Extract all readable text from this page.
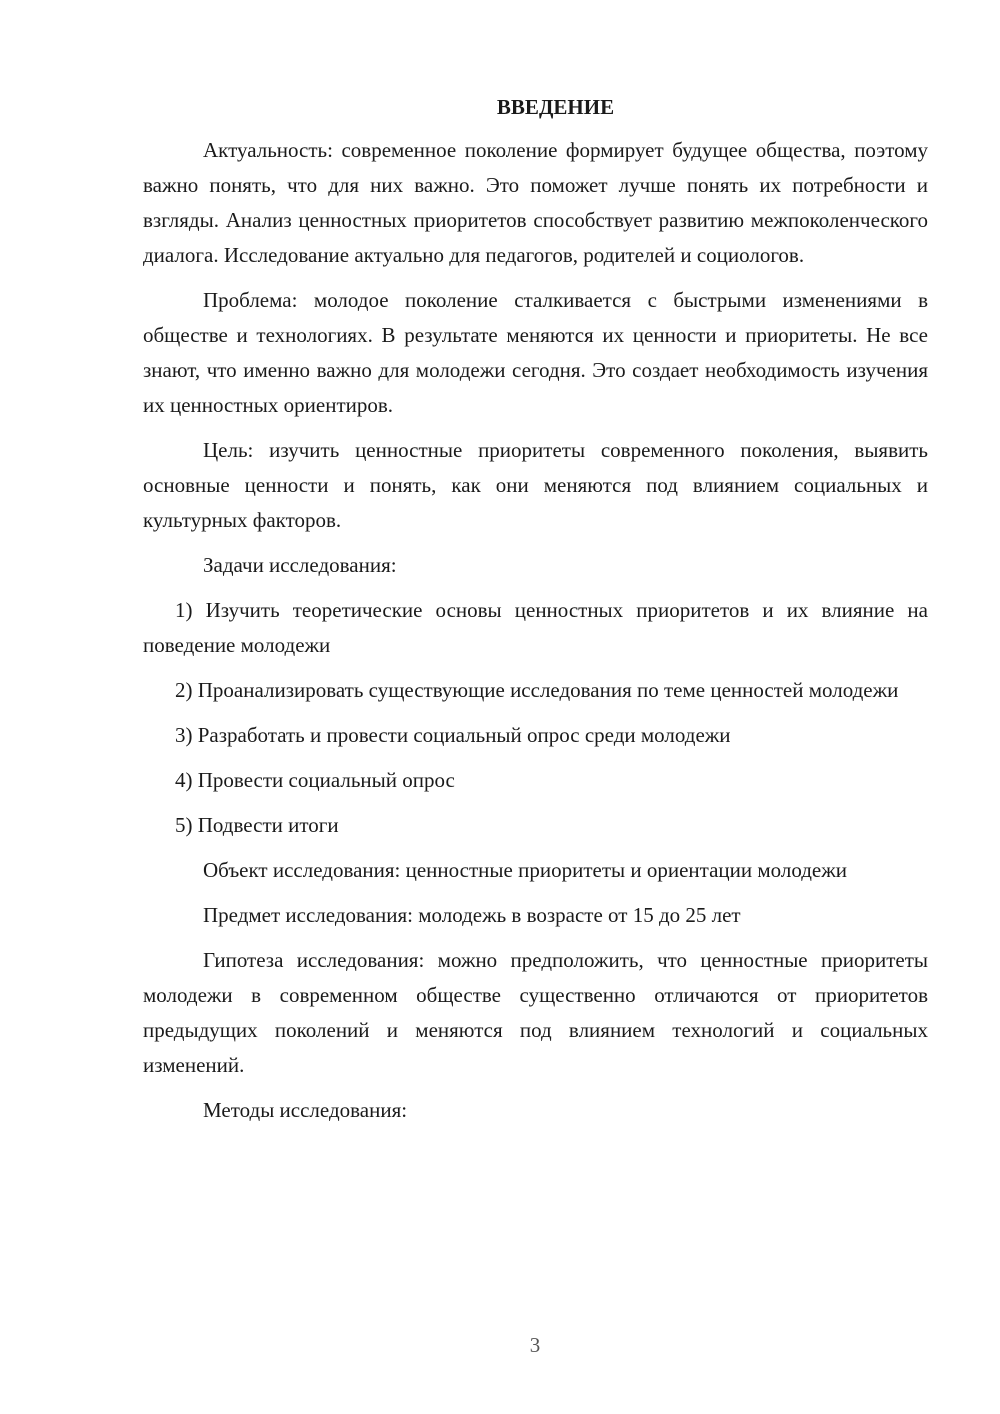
ВВЕДЕНИЕ

Актуальность: современное поколение формирует будущее общества, поэтому важно понять, что для них важно. Это поможет лучше понять их потребности и взгляды. Анализ ценностных приоритетов способствует развитию межпоколенческого диалога. Исследование актуально для педагогов, родителей и социологов.

Проблема: молодое поколение сталкивается с быстрыми изменениями в обществе и технологиях. В результате меняются их ценности и приоритеты. Не все знают, что именно важно для молодежи сегодня. Это создает необходимость изучения их ценностных ориентиров.

Цель: изучить ценностные приоритеты современного поколения, выявить основные ценности и понять, как они меняются под влиянием социальных и культурных факторов.

Задачи исследования:

1) Изучить теоретические основы ценностных приоритетов и их влияние на поведение молодежи

2) Проанализировать существующие исследования по теме ценностей молодежи

3) Разработать и провести социальный опрос среди молодежи

4) Провести социальный опрос

5) Подвести итоги

Объект исследования: ценностные приоритеты и ориентации молодежи

Предмет исследования: молодежь в возрасте от 15 до 25 лет

Гипотеза исследования: можно предположить, что ценностные приоритеты молодежи в современном обществе существенно отличаются от приоритетов предыдущих поколений и меняются под влиянием технологий и социальных изменений.

Методы исследования:

3
